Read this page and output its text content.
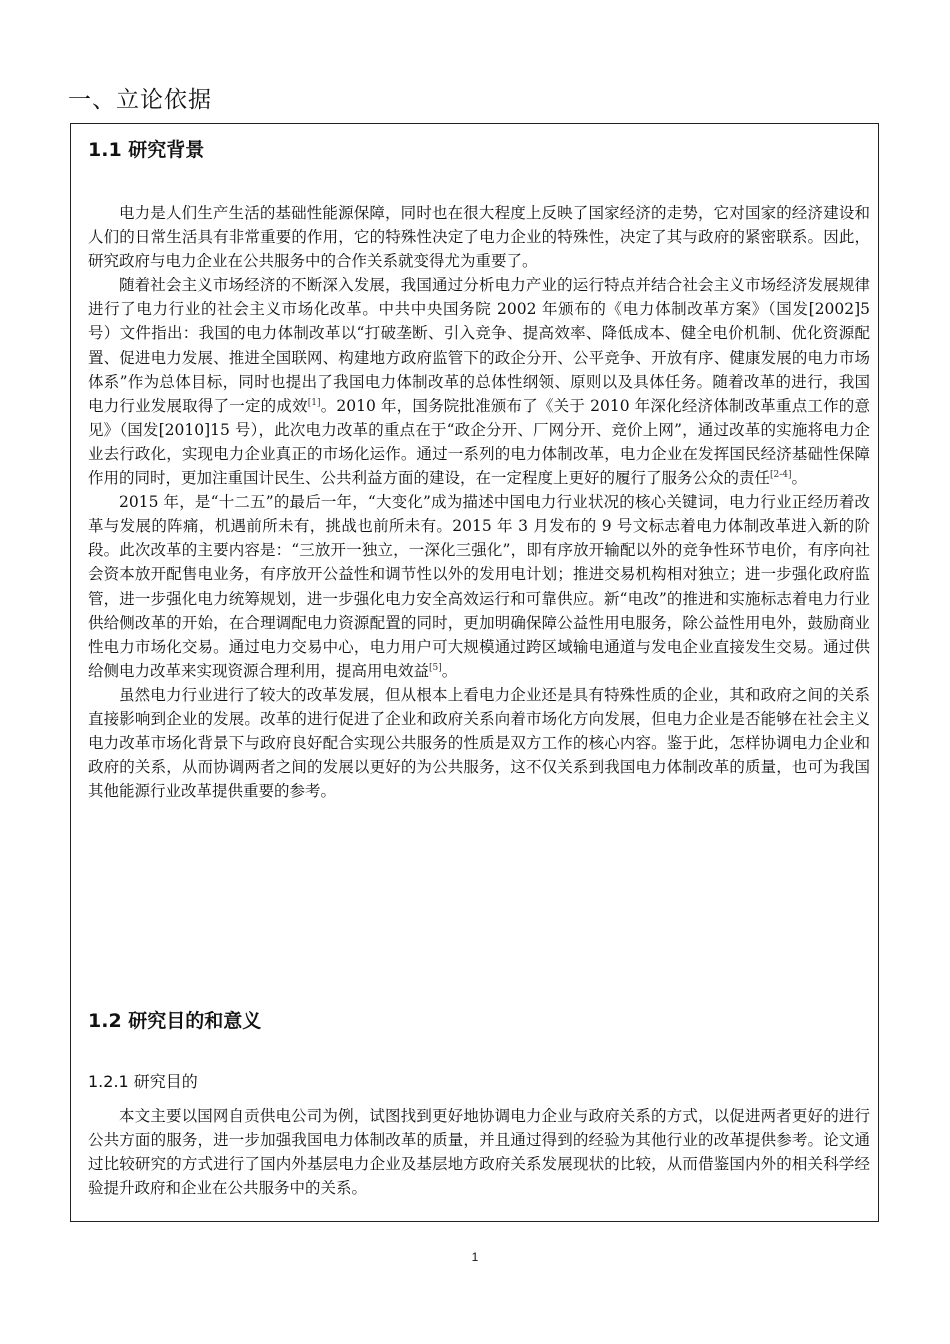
一、立论依据
1.1 研究背景

电力是人们生产生活的基础性能源保障，同时也在很大程度上反映了国家经济的走势，它对国家的经济建设和人们的日常生活具有非常重要的作用，它的特殊性决定了电力企业的特殊性，决定了其与政府的紧密联系。因此，研究政府与电力企业在公共服务中的合作关系就变得尤为重要了。

随着社会主义市场经济的不断深入发展，我国通过分析电力产业的运行特点并结合社会主义市场经济发展规律进行了电力行业的社会主义市场化改革。中共中央国务院 2002 年颁布的《电力体制改革方案》（国发[2002]5 号）文件指出：我国的电力体制改革以“打破垄断、引入竞争、提高效率、降低成本、健全电价机制、优化资源配置、促进电力发展、推进全国联网、构建地方政府监管下的政企分开、公平竞争、开放有序、健康发展的电力市场体系”作为总体目标，同时也提出了我国电力体制改革的总体性纲领、原则以及具体任务。随着改革的进行，我国电力行业发展取得了一定的成效[1]。2010 年，国务院批准颁布了《关于 2010 年深化经济体制改革重点工作的意见》（国发[2010]15 号），此次电力改革的重点在于“政企分开、厂网分开、竞价上网”，通过改革的实施将电力企业去行政化，实现电力企业真正的市场化运作。通过一系列的电力体制改革，电力企业在发挥国民经济基础性保障作用的同时，更加注重国计民生、公共利益方面的建设，在一定程度上更好的履行了服务公众的责任[2-4]。

2015 年，是“十二五”的最后一年，“大变化”成为描述中国电力行业状况的核心关键词，电力行业正经历着改革与发展的阵痛，机遇前所未有，挑战也前所未有。2015 年 3 月发布的 9 号文标志着电力体制改革进入新的阶段。此次改革的主要内容是：“三放开一独立，一深化三强化”，即有序放开输配以外的竞争性环节电价，有序向社会资本放开配售电业务，有序放开公益性和调节性以外的发用电计划；推进交易机构相对独立；进一步强化政府监管，进一步强化电力统筹规划，进一步强化电力安全高效运行和可靠供应。新“电改”的推进和实施标志着电力行业供给侧改革的开始，在合理调配电力资源配置的同时，更加明确保障公益性用电服务，除公益性用电外，鼓励商业性电力市场化交易。通过电力交易中心，电力用户可大规模通过跨区域输电通道与发电企业直接发生交易。通过供给侧电力改革来实现资源合理利用，提高用电效益[5]。

虽然电力行业进行了较大的改革发展，但从根本上看电力企业还是具有特殊性质的企业，其和政府之间的关系直接影响到企业的发展。改革的进行促进了企业和政府关系向着市场化方向发展，但电力企业是否能够在社会主义电力改革市场化背景下与政府良好配合实现公共服务的性质是双方工作的核心内容。鉴于此，怎样协调电力企业和政府的关系，从而协调两者之间的发展以更好的为公共服务，这不仅关系到我国电力体制改革的质量，也可为我国其他能源行业改革提供重要的参考。

1.2 研究目的和意义
1.2.1 研究目的

本文主要以国网自贡供电公司为例，试图找到更好地协调电力企业与政府关系的方式，以促进两者更好的进行公共方面的服务，进一步加强我国电力体制改革的质量，并且通过得到的经验为其他行业的改革提供参考。论文通过比较研究的方式进行了国内外基层电力企业及基层地方政府关系发展现状的比较，从而借鉴国内外的相关科学经验提升政府和企业在公共服务中的关系。

1
